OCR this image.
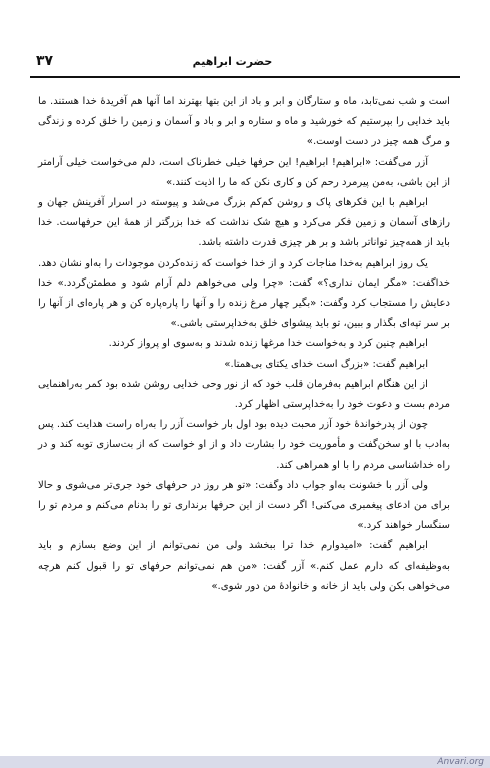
حضرت ابراهیم
۳۷

است و شب نمی‌تابد، ماه و ستارگان و ابر و باد از این بتها بهترند اما آنها هم آفریدهٔ خدا هستند. ما باید خدایی را بپرستیم که خورشید و ماه و ستاره و ابر و باد و آسمان و زمین را خلق کرده و زندگی و مرگ همه چیز در دست اوست.»

آزر می‌گفت: «ابراهیم! ابراهیم! این حرفها خیلی خطرناک است، دلم می‌خواست خیلی آرامتر از این باشی، به‌من پیرمرد رحم کن و کاری نکن که ما را اذیت کنند.»

ابراهیم با این فکرهای پاک و روشن کم‌کم بزرگ می‌شد و پیوسته در اسرار آفرینش جهان و رازهای آسمان و زمین فکر می‌کرد و هیچ شک نداشت که خدا بزرگتر از همهٔ این حرفهاست. خدا باید از همه‌چیز تواناتر باشد و بر هر چیزی قدرت داشته باشد.

یک روز ابراهیم به‌خدا مناجات کرد و از خدا خواست که زنده‌کردن موجودات را به‌او نشان دهد. خداگفت: «مگر ایمان نداری؟» گفت: «چرا ولی می‌خواهم دلم آرام شود و مطمئن‌گردد.» خدا دعایش را مستجاب کرد وگفت: «بگیر چهار مرغ زنده را و آنها را پاره‌پاره کن و هر پاره‌ای از آنها را بر سر تپه‌ای بگذار و ببین، تو باید پیشوای خلق به‌خداپرستی باشی.»

ابراهیم چنین کرد و به‌خواست خدا مرغها زنده شدند و به‌سوی او پرواز کردند.

ابراهیم گفت: «بزرگ است خدای یکتای بی‌همتا.»

از این هنگام ابراهیم به‌فرمان قلب خود که از نور وحی خدایی روشن شده بود کمر به‌راهنمایی مردم بست و دعوت خود را به‌خداپرستی اظهار کرد.

چون از پدرخواندهٔ خود آزر محبت دیده بود اول بار خواست آزر را به‌راه راست هدایت کند. پس به‌ادب با او سخن‌گفت و مأموریت خود را بشارت داد و از او خواست که از بت‌سازی توبه کند و در راه خداشناسی مردم را با او همراهی کند.

ولی آزر با خشونت به‌او جواب داد وگفت: «تو هر روز در حرفهای خود جری‌تر می‌شوی و حالا برای من ادعای پیغمبری می‌کنی! اگر دست از این حرفها برنداری تو را بدنام می‌کنم و مردم تو را سنگسار خواهند کرد.»

ابراهیم گفت: «امیدوارم خدا ترا ببخشد ولی من نمی‌توانم از این وضع بسازم و باید به‌وظیفه‌ای که دارم عمل کنم.» آزر گفت: «من هم نمی‌توانم حرفهای تو را قبول کنم هرچه می‌خواهی بکن ولی باید از خانه و خانوادهٔ من دور شوی.»

Anvari.org
